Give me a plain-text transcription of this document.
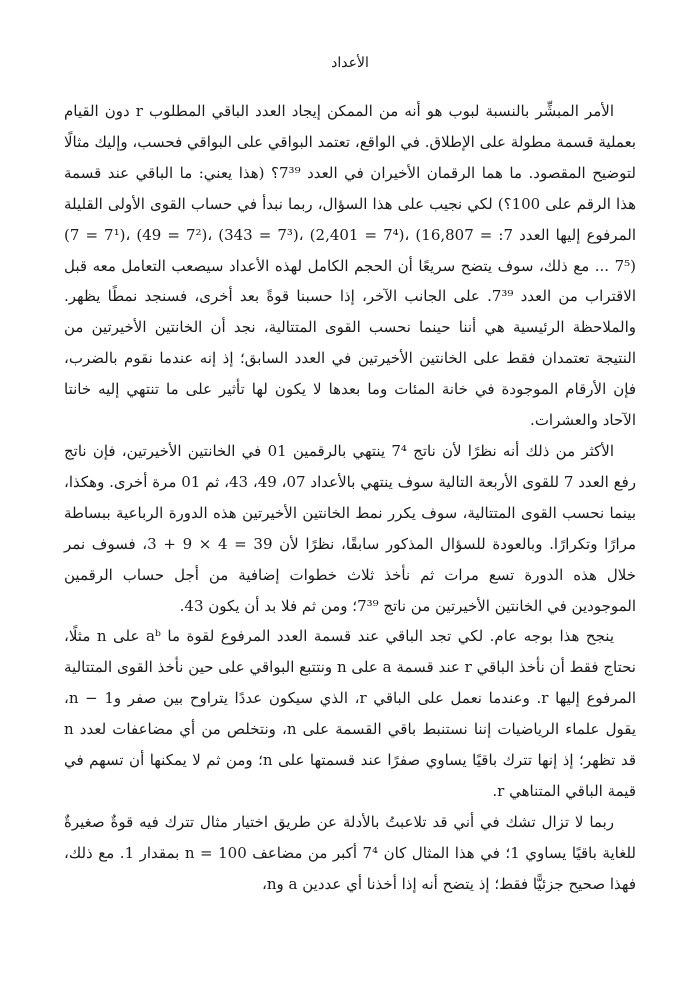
الأعداد

الأمر المبشِّر بالنسبة لبوب هو أنه من الممكن إيجاد العدد الباقي المطلوب r دون القيام بعملية قسمة مطولة على الإطلاق. في الواقع، تعتمد البواقي على البواقي فحسب، وإليك مثالًا لتوضيح المقصود. ما هما الرقمان الأخيران في العدد ‎7³⁹‎؟ (هذا يعني: ما الباقي عند قسمة هذا الرقم على 100؟) لكي نجيب على هذا السؤال، ربما نبدأ في حساب القوى الأولى القليلة المرفوع إليها العدد 7: ‎(7 = 7¹)‎، ‎(49 = 7²)‎، ‎(343 = 7³)‎، ‎(2,401 = 7⁴)‎، ‎(16,807 = 7⁵)‎ ... مع ذلك، سوف يتضح سريعًا أن الحجم الكامل لهذه الأعداد سيصعب التعامل معه قبل الاقتراب من العدد ‎7³⁹‎. على الجانب الآخر، إذا حسبنا قوةً بعد أخرى، فسنجد نمطًا يظهر. والملاحظة الرئيسية هي أننا حينما نحسب القوى المتتالية، نجد أن الخانتين الأخيرتين من النتيجة تعتمدان فقط على الخانتين الأخيرتين في العدد السابق؛ إذ إنه عندما نقوم بالضرب، فإن الأرقام الموجودة في خانة المئات وما بعدها لا يكون لها تأثير على ما تنتهي إليه خانتا الآحاد والعشرات.

الأكثر من ذلك أنه نظرًا لأن ناتج ‎7⁴‎ ينتهي بالرقمين 01 في الخانتين الأخيرتين، فإن ناتج رفع العدد 7 للقوى الأربعة التالية سوف ينتهي بالأعداد 07، 49، 43، ثم 01 مرة أخرى. وهكذا، بينما نحسب القوى المتتالية، سوف يكرر نمط الخانتين الأخيرتين هذه الدورة الرباعية ببساطة مرارًا وتكرارًا. وبالعودة للسؤال المذكور سابقًا، نظرًا لأن ‎3 + 9 × 4 = 39‎، فسوف نمر خلال هذه الدورة تسع مرات ثم نأخذ ثلاث خطوات إضافية من أجل حساب الرقمين الموجودين في الخانتين الأخيرتين من ناتج ‎7³⁹‎؛ ومن ثم فلا بد أن يكون 43.

ينجح هذا بوجه عام. لكي تجد الباقي عند قسمة العدد المرفوع لقوة ما ‎aᵇ‎ على n مثلًا، نحتاج فقط أن نأخذ الباقي r عند قسمة a على n ونتتبع البواقي على حين نأخذ القوى المتتالية المرفوع إليها r. وعندما نعمل على الباقي r، الذي سيكون عددًا يتراوح بين صفر و‎n − 1‎، يقول علماء الرياضيات إننا نستنبط باقي القسمة على n، ونتخلص من أي مضاعفات لعدد n قد تظهر؛ إذ إنها تترك باقيًا يساوي صفرًا عند قسمتها على n؛ ومن ثم لا يمكنها أن تسهم في قيمة الباقي المتناهي r.

ربما لا تزال تشك في أني قد تلاعبتُ بالأدلة عن طريق اختيار مثال تترك فيه قوةٌ صغيرةٌ للغاية باقيًا يساوي 1؛ في هذا المثال كان ‎7⁴‎ أكبر من مضاعف ‎n = 100‎ بمقدار 1. مع ذلك، فهذا صحيح جزئيًّا فقط؛ إذ يتضح أنه إذا أخذنا أي عددين a وn،
